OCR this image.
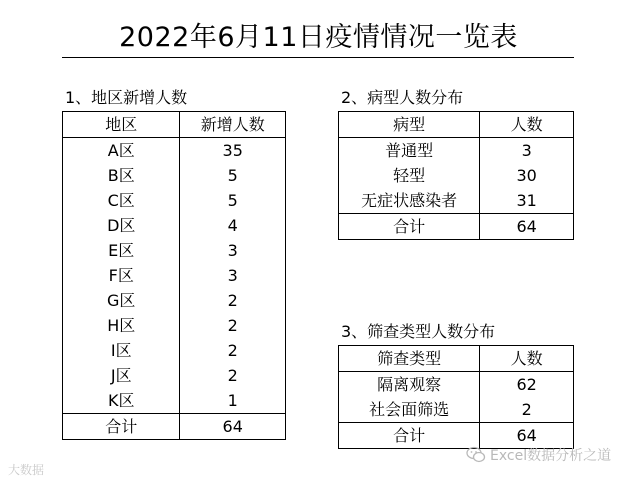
2022年6月11日疫情情况一览表
1、地区新增人数
地区	新增人数
A区	35
B区	5
C区	5
D区	4
E区	3
F区	3
G区	2
H区	2
I区	2
J区	2
K区	1
合计	64
2、病型人数分布
病型	人数
普通型	3
轻型	30
无症状感染者	31
合计	64
3、筛查类型人数分布
筛查类型	人数
隔离观察	62
社会面筛选	2
合计	64
大数据
Excel数据分析之道
